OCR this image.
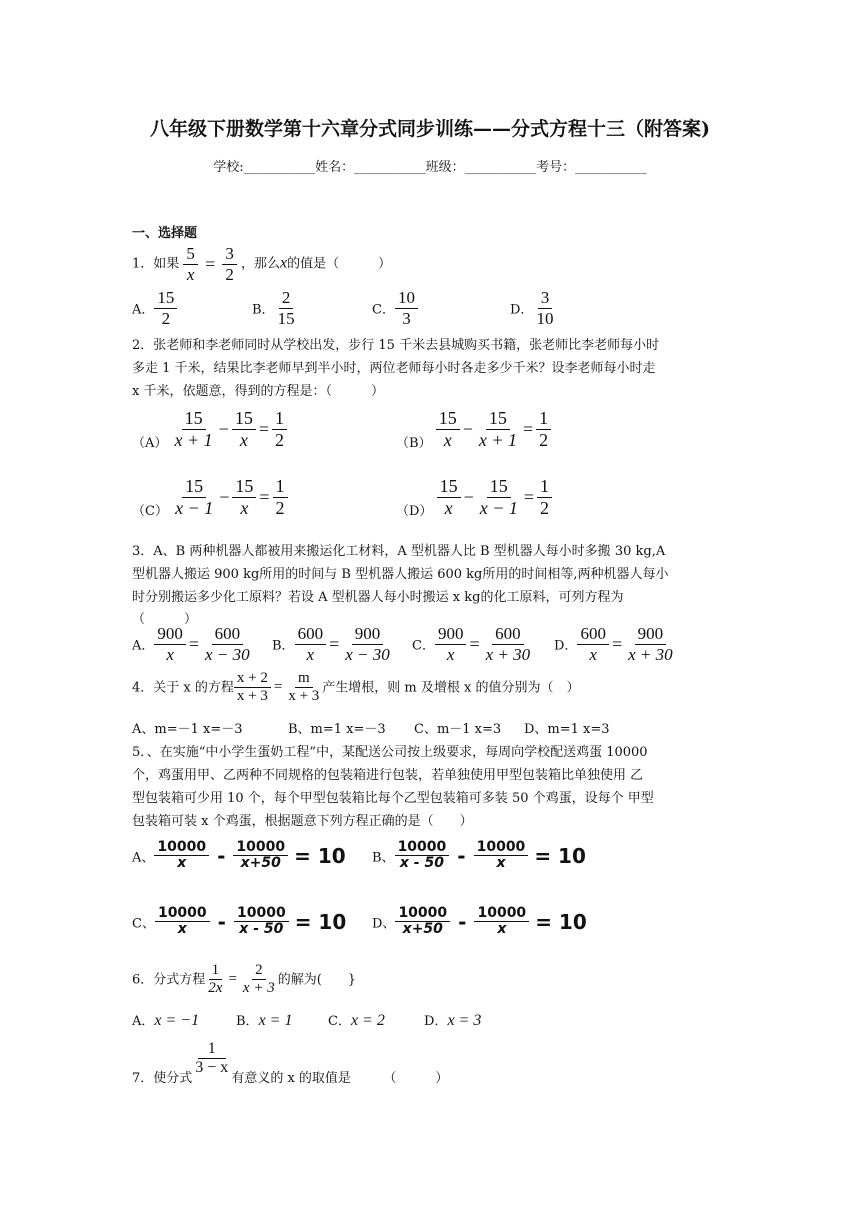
八年级下册数学第十六章分式同步训练——分式方程十三（附答案)
学校:___________姓名：___________班级：___________考号：___________
一、选择题
1．如果 $\frac{5}{x} = \frac{3}{2}$ ，那么x的值是（　　　）
A． $\frac{15}{2}$	B． $\frac{2}{15}$	C． $\frac{10}{3}$	D． $\frac{3}{10}$
2．张老师和李老师同时从学校出发，步行 15 千米去县城购买书籍，张老师比李老师每小时
多走 1 千米，结果比李老师早到半小时，两位老师每小时各走多少千米？设李老师每小时走
x 千米，依题意，得到的方程是：（　　　）
$(A) \frac{15}{x + 1} - \frac{15}{x} = \frac{1}{2}$	$(B) \frac{15}{x} - \frac{15}{x + 1} = \frac{1}{2}$
$(C) \frac{15}{x - 1} - \frac{15}{x} = \frac{1}{2}$	$(D) \frac{15}{x} - \frac{15}{x - 1} = \frac{1}{2}$
3．A、B 两种机器人都被用来搬运化工材料，A 型机器人比 B 型机器人每小时多搬 30 kg,A
型机器人搬运 900 kg所用的时间与 B 型机器人搬运 600 kg所用的时间相等,两种机器人每小
时分别搬运多少化工原料？若设 A 型机器人每小时搬运 x kg的化工原料，可列方程为
（　　　）
A． $\frac{900}{x} = \frac{600}{x - 30}$ B． $\frac{600}{x} = \frac{900}{x - 30}$ C． $\frac{900}{x} = \frac{600}{x + 30}$ D． $\frac{600}{x} = \frac{900}{x + 30}$
4．关于 x 的方程 $\frac{x + 2}{x + 3} = \frac{m}{x + 3}$ 产生增根，则 m 及增根 x 的值分别为（　）
A、m=－1 x=－3	B、m=1 x=－3 C、m－1 x=3 D、m=1 x=3
5．、在实施“中小学生蛋奶工程”中，某配送公司按上级要求，每周向学校配送鸡蛋 10000
个，鸡蛋用甲、乙两种不同规格的包装箱进行包装，若单独使用甲型包装箱比单独使用 乙
型包装箱可少用 10 个，每个甲型包装箱比每个乙型包装箱可多装 50 个鸡蛋，设每个 甲型
包装箱可装 x 个鸡蛋，根据题意下列方程正确的是（　　）
A、 $\frac{10000}{x} - \frac{10000}{x+50} = 10$ B、 $\frac{10000}{x - 50} - \frac{10000}{x} = 10$
C、 $\frac{10000}{x} - \frac{10000}{x - 50} = 10$ D、 $\frac{10000}{x+50} - \frac{10000}{x} = 10$
6．分式方程 $\frac{1}{2x} = \frac{2}{x + 3}$ 的解为(　　}
A．x = −1	B．x = 1	C．x = 2	D．x = 3
7．使分式
$\frac{1}{3 - x}$
有意义的 x 的取值是　　　（　　　）
